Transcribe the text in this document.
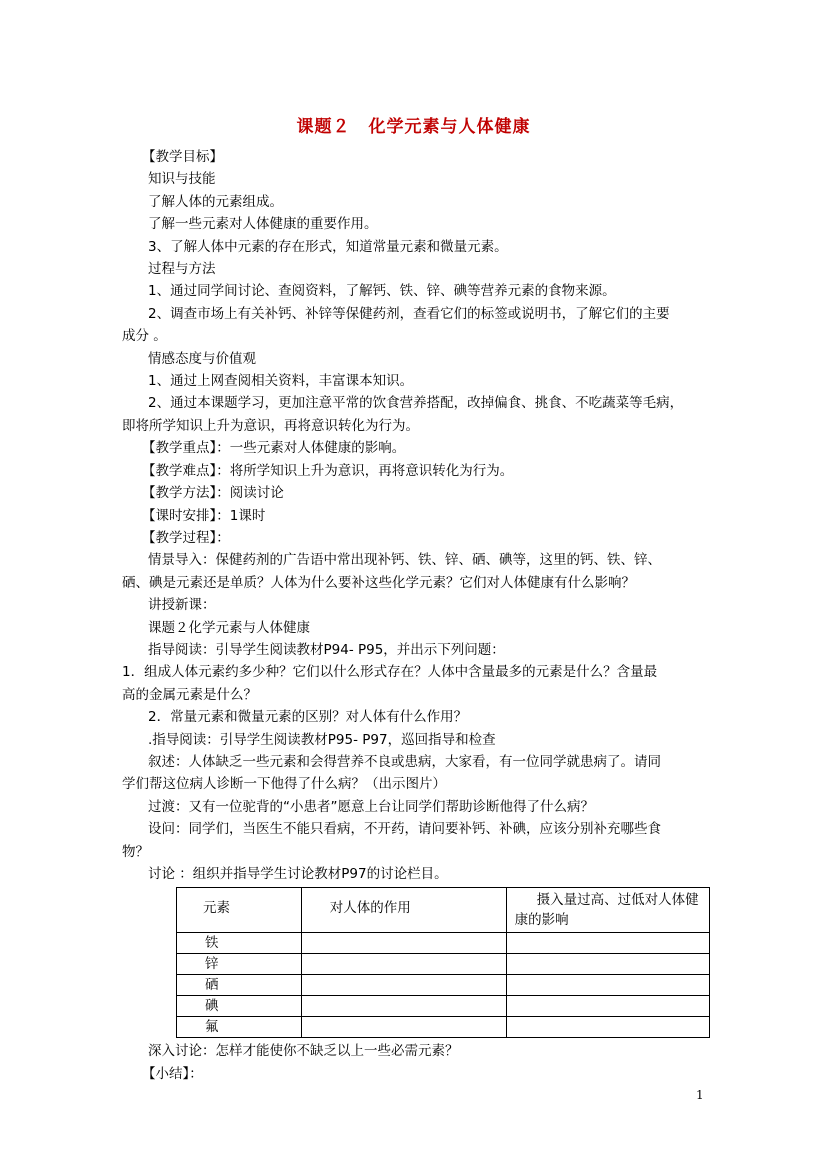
课题２　化学元素与人体健康
【教学目标】
知识与技能
了解人体的元素组成。
了解一些元素对人体健康的重要作用。
3、了解人体中元素的存在形式，知道常量元素和微量元素。
过程与方法
1、通过同学间讨论、查阅资料，了解钙、铁、锌、碘等营养元素的食物来源。
2、调查市场上有关补钙、补锌等保健药剂，查看它们的标签或说明书，了解它们的主要
成分 。
情感态度与价值观
1、通过上网查阅相关资料，丰富课本知识。
2、通过本课题学习，更加注意平常的饮食营养搭配，改掉偏食、挑食、不吃蔬菜等毛病，
即将所学知识上升为意识，再将意识转化为行为。
【教学重点】：一些元素对人体健康的影响。
【教学难点】：将所学知识上升为意识，再将意识转化为行为。
【教学方法】：阅读讨论
【课时安排】：1课时
【教学过程】：
情景导入：保健药剂的广告语中常出现补钙、铁、锌、硒、碘等，这里的钙、铁、锌、
硒、碘是元素还是单质？人体为什么要补这些化学元素？它们对人体健康有什么影响？
讲授新课：
课题２化学元素与人体健康
指导阅读：引导学生阅读教材P94- P95，并出示下列问题：
1．组成人体元素约多少种？它们以什么形式存在？人体中含量最多的元素是什么？含量最
高的金属元素是什么？
2．常量元素和微量元素的区别？对人体有什么作用？
.指导阅读：引导学生阅读教材P95- P97，巡回指导和检查
叙述：人体缺乏一些元素和会得营养不良或患病，大家看，有一位同学就患病了。请同
学们帮这位病人诊断一下他得了什么病？（出示图片）
过渡：又有一位驼背的“小患者”愿意上台让同学们帮助诊断他得了什么病？
设问：同学们，当医生不能只看病，不开药，请问要补钙、补碘，应该分别补充哪些食
物？
讨论 ：组织并指导学生讨论教材P97的讨论栏目。
元素	对人体的作用	摄入量过高、过低对人体健康的影响
铁		
锌		
硒		
碘		
氟		
深入讨论：怎样才能使你不缺乏以上一些必需元素？
【小结】：
1
